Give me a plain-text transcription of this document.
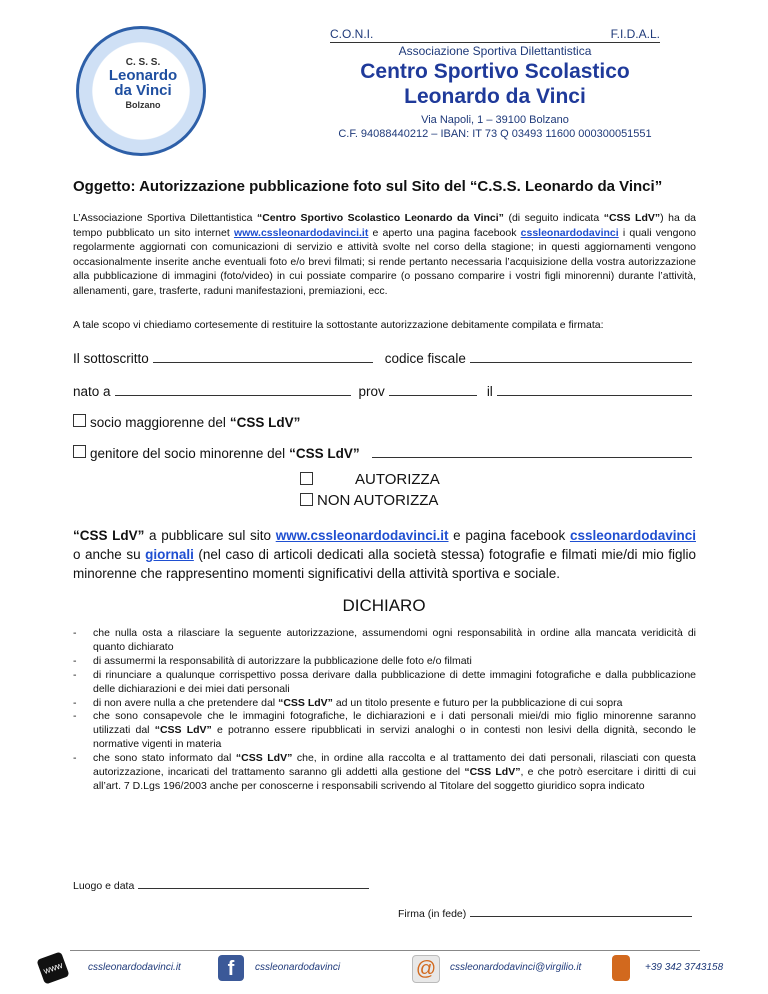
C. S. S.
Leonardo
da Vinci
Bolzano
C.O.N.I.	F.I.D.A.L.
Associazione Sportiva Dilettantistica
Centro Sportivo Scolastico
Leonardo da Vinci
Via Napoli, 1 – 39100 Bolzano
C.F. 94088440212 – IBAN: IT 73 Q 03493 11600 000300051551
Oggetto: Autorizzazione pubblicazione foto sul Sito del “C.S.S. Leonardo da Vinci”
L’Associazione Sportiva Dilettantistica “Centro Sportivo Scolastico Leonardo da Vinci” (di seguito indicata “CSS LdV”) ha da tempo pubblicato un sito internet www.cssleonardodavinci.it e aperto una pagina facebook cssleonardodavinci i quali vengono regolarmente aggiornati con comunicazioni di servizio e attività svolte nel corso della stagione; in questi aggiornamenti vengono occasionalmente inserite anche eventuali foto e/o brevi filmati; si rende pertanto necessaria l’acquisizione della vostra autorizzazione alla pubblicazione di immagini (foto/video) in cui possiate comparire (o possano comparire i vostri figli minorenni) durante l’attività, allenamenti, gare, trasferte, raduni manifestazioni, premiazioni, ecc.
A tale scopo vi chiediamo cortesemente di restituire la sottostante autorizzazione debitamente compilata e firmata:
Il sottoscritto	codice fiscale
nato a	prov	il
socio maggiorenne del “CSS LdV”
genitore del socio minorenne del “CSS LdV”
AUTORIZZA
NON AUTORIZZA
“CSS LdV” a pubblicare sul sito www.cssleonardodavinci.it e pagina facebook cssleonardodavinci o anche su giornali (nel caso di articoli dedicati alla società stessa) fotografie e filmati mie/di mio figlio minorenne che rappresentino momenti significativi della attività sportiva e sociale.
DICHIARO
- che nulla osta a rilasciare la seguente autorizzazione, assumendomi ogni responsabilità in ordine alla mancata veridicità di quanto dichiarato
- di assumermi la responsabilità di autorizzare la pubblicazione delle foto e/o filmati
- di rinunciare a qualunque corrispettivo possa derivare dalla pubblicazione di dette immagini fotografiche e dalla pubblicazione delle dichiarazioni e dei miei dati personali
- di non avere nulla a che pretendere dal “CSS LdV” ad un titolo presente e futuro per la pubblicazione di cui sopra
- che sono consapevole che le immagini fotografiche, le dichiarazioni e i dati personali miei/di mio figlio minorenne saranno utilizzati dal “CSS LdV” e potranno essere ripubblicati in servizi analoghi o in contesti non lesivi della dignità, secondo le normative vigenti in materia
- che sono stato informato dal “CSS LdV” che, in ordine alla raccolta e al trattamento dei dati personali, rilasciati con questa autorizzazione, incaricati del trattamento saranno gli addetti alla gestione del “CSS LdV”, e che potrò esercitare i diritti di cui all’art. 7 D.Lgs 196/2003 anche per conoscerne i responsabili scrivendo al Titolare del soggetto giuridico sopra indicato
Luogo e data
Firma (in fede)
www	cssleonardodavinci.it	f	cssleonardodavinci	@	cssleonardodavinci@virgilio.it	+39 342 3743158
